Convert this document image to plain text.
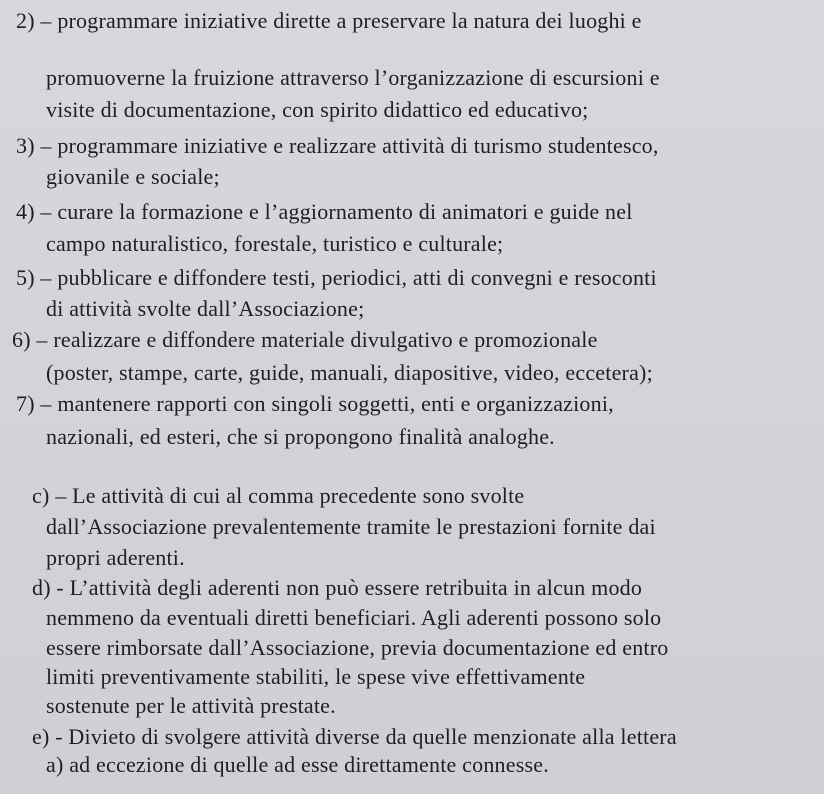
2) – programmare iniziative dirette a preservare la natura dei luoghi e
promuoverne la fruizione attraverso l’organizzazione di escursioni e
visite di documentazione, con spirito didattico ed educativo;
3) – programmare iniziative e realizzare attività di turismo studentesco,
giovanile e sociale;
4) – curare la formazione e l’aggiornamento di animatori e guide nel
campo naturalistico, forestale, turistico e culturale;
5) – pubblicare e diffondere testi, periodici, atti di convegni e resoconti
di attività svolte dall’Associazione;
6) – realizzare e diffondere materiale divulgativo e promozionale
(poster, stampe, carte, guide, manuali, diapositive, video, eccetera);
7) – mantenere rapporti con singoli soggetti, enti e organizzazioni,
nazionali, ed esteri, che si propongono finalità analoghe.
c) – Le attività di cui al comma precedente sono svolte
dall’Associazione prevalentemente tramite le prestazioni fornite dai
propri aderenti.
d) - L’attività degli aderenti non può essere retribuita in alcun modo
nemmeno da eventuali diretti beneficiari. Agli aderenti possono solo
essere rimborsate dall’Associazione, previa documentazione ed entro
limiti preventivamente stabiliti, le spese vive effettivamente
sostenute per le attività prestate.
e) - Divieto di svolgere attività diverse da quelle menzionate alla lettera
a) ad eccezione di quelle ad esse direttamente connesse.
